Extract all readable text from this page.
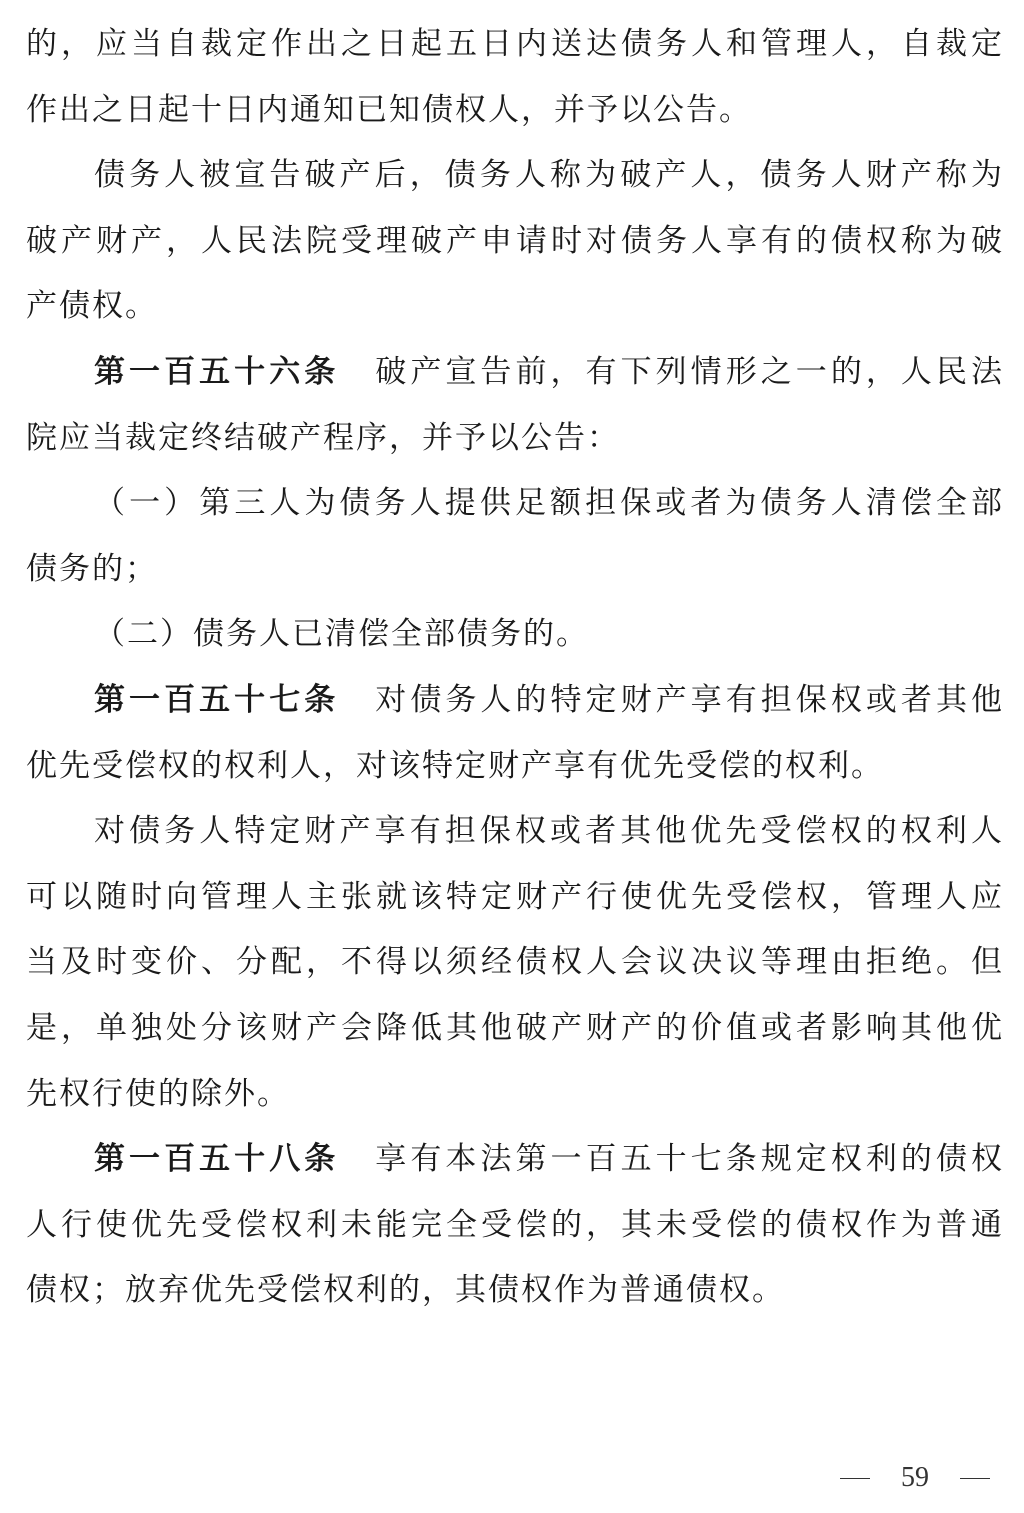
的，应当自裁定作出之日起五日内送达债务人和管理人，自裁定
作出之日起十日内通知已知债权人，并予以公告。
债务人被宣告破产后，债务人称为破产人，债务人财产称为
破产财产，人民法院受理破产申请时对债务人享有的债权称为破
产债权。
第一百五十六条 破产宣告前，有下列情形之一的，人民法
院应当裁定终结破产程序，并予以公告：
（一）第三人为债务人提供足额担保或者为债务人清偿全部
债务的；
（二）债务人已清偿全部债务的。
第一百五十七条 对债务人的特定财产享有担保权或者其他
优先受偿权的权利人，对该特定财产享有优先受偿的权利。
对债务人特定财产享有担保权或者其他优先受偿权的权利人
可以随时向管理人主张就该特定财产行使优先受偿权，管理人应
当及时变价、分配，不得以须经债权人会议决议等理由拒绝。但
是，单独处分该财产会降低其他破产财产的价值或者影响其他优
先权行使的除外。
第一百五十八条 享有本法第一百五十七条规定权利的债权
人行使优先受偿权利未能完全受偿的，其未受偿的债权作为普通
债权；放弃优先受偿权利的，其债权作为普通债权。
59
